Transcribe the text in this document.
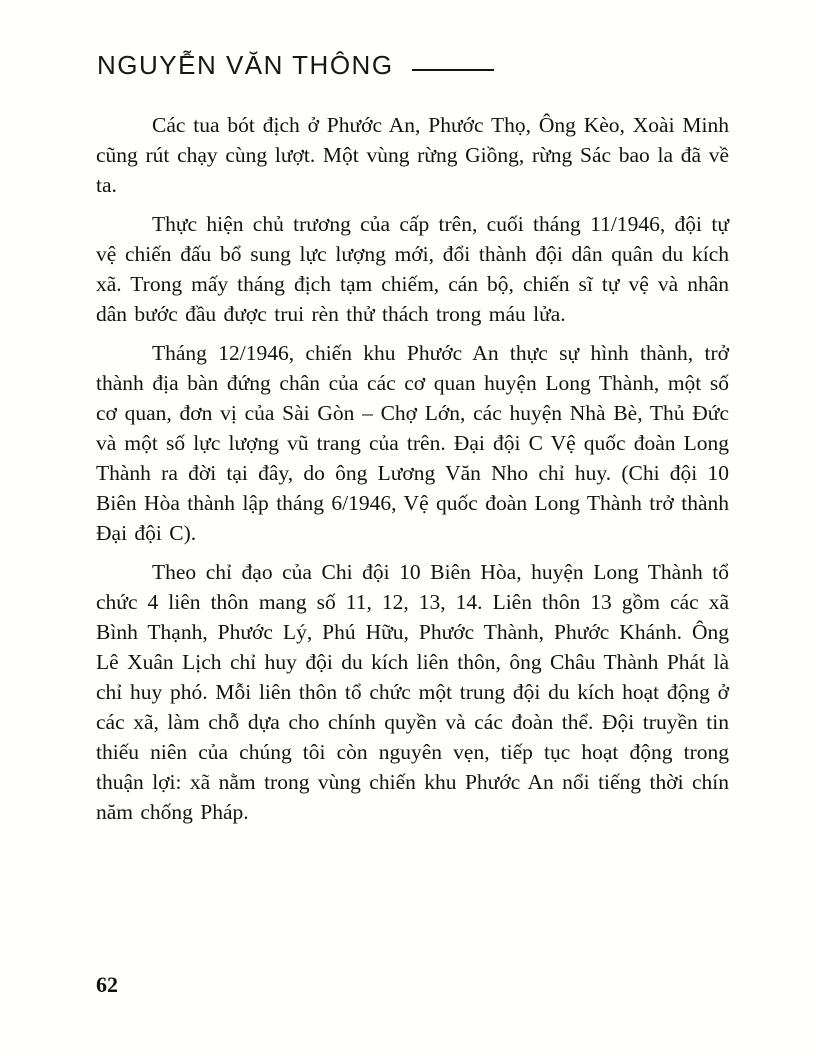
NGUYỄN VĂN THÔNG

Các tua bót địch ở Phước An, Phước Thọ, Ông Kèo, Xoài Minh cũng rút chạy cùng lượt. Một vùng rừng Giồng, rừng Sác bao la đã về ta.

Thực hiện chủ trương của cấp trên, cuối tháng 11/1946, đội tự vệ chiến đấu bổ sung lực lượng mới, đổi thành đội dân quân du kích xã. Trong mấy tháng địch tạm chiếm, cán bộ, chiến sĩ tự vệ và nhân dân bước đầu được trui rèn thử thách trong máu lửa.

Tháng 12/1946, chiến khu Phước An thực sự hình thành, trở thành địa bàn đứng chân của các cơ quan huyện Long Thành, một số cơ quan, đơn vị của Sài Gòn – Chợ Lớn, các huyện Nhà Bè, Thủ Đức và một số lực lượng vũ trang của trên. Đại đội C Vệ quốc đoàn Long Thành ra đời tại đây, do ông Lương Văn Nho chỉ huy. (Chi đội 10 Biên Hòa thành lập tháng 6/1946, Vệ quốc đoàn Long Thành trở thành Đại đội C).

Theo chỉ đạo của Chi đội 10 Biên Hòa, huyện Long Thành tổ chức 4 liên thôn mang số 11, 12, 13, 14. Liên thôn 13 gồm các xã Bình Thạnh, Phước Lý, Phú Hữu, Phước Thành, Phước Khánh. Ông Lê Xuân Lịch chỉ huy đội du kích liên thôn, ông Châu Thành Phát là chỉ huy phó. Mỗi liên thôn tổ chức một trung đội du kích hoạt động ở các xã, làm chỗ dựa cho chính quyền và các đoàn thể. Đội truyền tin thiếu niên của chúng tôi còn nguyên vẹn, tiếp tục hoạt động trong thuận lợi: xã nằm trong vùng chiến khu Phước An nổi tiếng thời chín năm chống Pháp.

62
